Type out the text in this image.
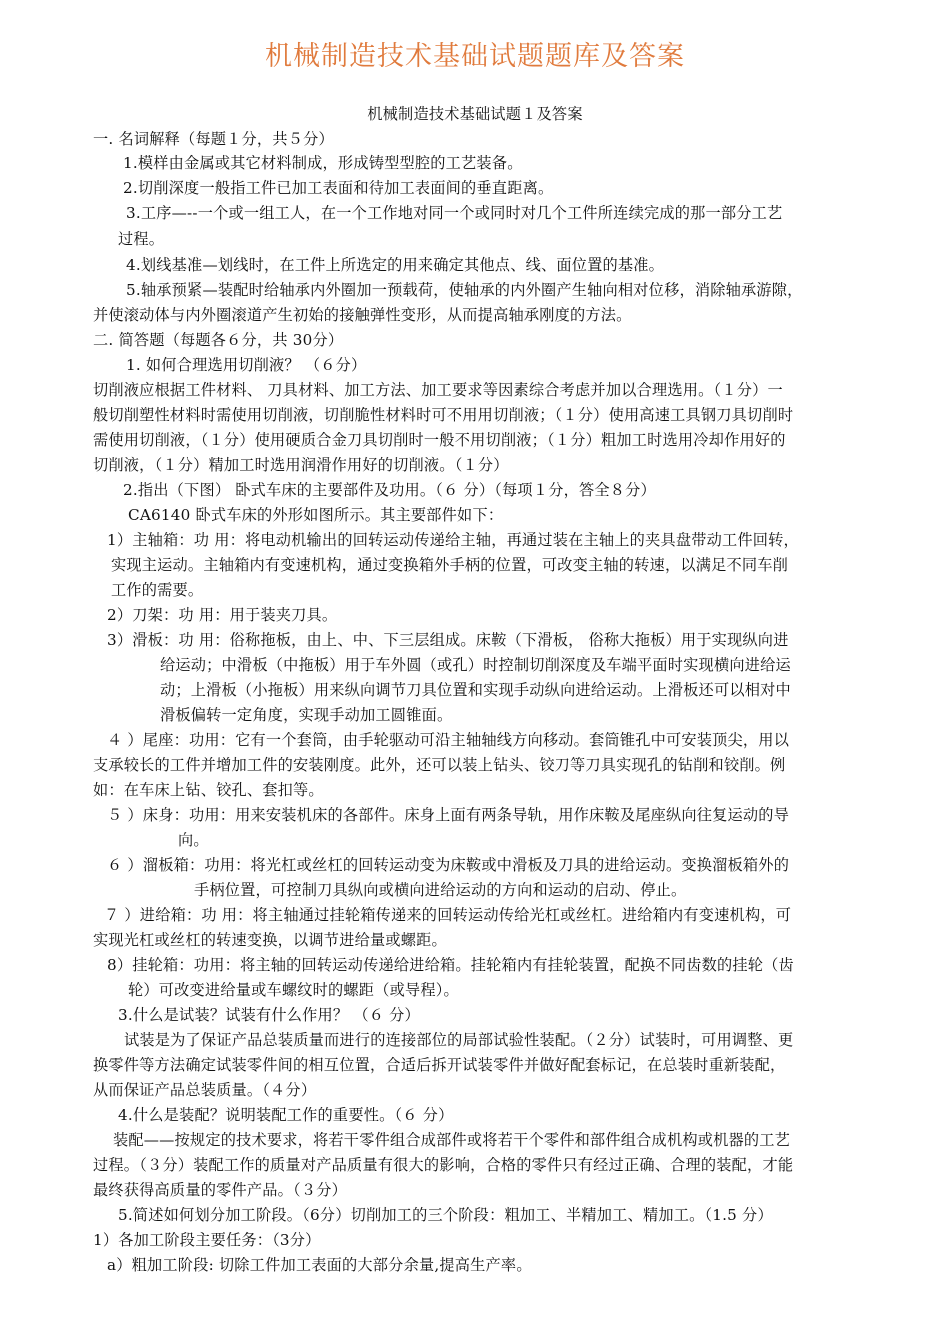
机械制造技术基础试题题库及答案
机械制造技术基础试题１及答案
一. 名词解释（每题１分，共５分）
1.模样由金属或其它材料制成，形成铸型型腔的工艺装备。
2.切削深度一般指工件已加工表面和待加工表面间的垂直距离。
3.工序—--一个或一组工人，在一个工作地对同一个或同时对几个工件所连续完成的那一部分工艺
过程。
4.划线基准—划线时，在工件上所选定的用来确定其他点、线、面位置的基准。
5.轴承预紧—装配时给轴承内外圈加一预载荷，使轴承的内外圈产生轴向相对位移，消除轴承游隙，
并使滚动体与内外圈滚道产生初始的接触弹性变形，从而提高轴承刚度的方法。
二. 简答题（每题各６分，共 30分）
1. 如何合理选用切削液？ （６分）
切削液应根据工件材料、 刀具材料、加工方法、加工要求等因素综合考虑并加以合理选用。（１分）一
般切削塑性材料时需使用切削液，切削脆性材料时可不用用切削液；（１分）使用高速工具钢刀具切削时
需使用切削液，（１分）使用硬质合金刀具切削时一般不用切削液；（１分）粗加工时选用冷却作用好的
切削液，（１分）精加工时选用润滑作用好的切削液。（１分）
2.指出（下图） 卧式车床的主要部件及功用。（６ 分）（每项１分，答全８分）
CA6140 卧式车床的外形如图所示。其主要部件如下：
1）主轴箱：功 用：将电动机输出的回转运动传递给主轴，再通过装在主轴上的夹具盘带动工件回转，
实现主运动。主轴箱内有变速机构，通过变换箱外手柄的位置，可改变主轴的转速，以满足不同车削
工作的需要。
2）刀架：功 用：用于装夹刀具。
3）滑板：功 用：俗称拖板，由上、中、下三层组成。床鞍（下滑板， 俗称大拖板）用于实现纵向进
给运动；中滑板（中拖板）用于车外圆（或孔）时控制切削深度及车端平面时实现横向进给运
动；上滑板（小拖板）用来纵向调节刀具位置和实现手动纵向进给运动。上滑板还可以相对中
滑板偏转一定角度，实现手动加工圆锥面。
４ ）尾座：功用：它有一个套筒，由手轮驱动可沿主轴轴线方向移动。套筒锥孔中可安装顶尖，用以
支承较长的工件并增加工件的安装刚度。此外，还可以装上钻头、铰刀等刀具实现孔的钻削和铰削。例
如：在车床上钻、铰孔、套扣等。
５ ）床身：功用：用来安装机床的各部件。床身上面有两条导轨，用作床鞍及尾座纵向往复运动的导
向。
６ ）溜板箱：功用：将光杠或丝杠的回转运动变为床鞍或中滑板及刀具的进给运动。变换溜板箱外的
手柄位置，可控制刀具纵向或横向进给运动的方向和运动的启动、停止。
７ ）进给箱：功 用：将主轴通过挂轮箱传递来的回转运动传给光杠或丝杠。进给箱内有变速机构，可
实现光杠或丝杠的转速变换，以调节进给量或螺距。
8）挂轮箱：功用：将主轴的回转运动传递给进给箱。挂轮箱内有挂轮装置，配换不同齿数的挂轮（齿
轮）可改变进给量或车螺纹时的螺距（或导程）。
3.什么是试装？试装有什么作用？ （６ 分）
试装是为了保证产品总装质量而进行的连接部位的局部试验性装配。（２分）试装时，可用调整、更
换零件等方法确定试装零件间的相互位置，合适后拆开试装零件并做好配套标记，在总装时重新装配，
从而保证产品总装质量。（４分）
4.什么是装配？说明装配工作的重要性。（６ 分）
装配——按规定的技术要求，将若干零件组合成部件或将若干个零件和部件组合成机构或机器的工艺
过程。（３分）装配工作的质量对产品质量有很大的影响，合格的零件只有经过正确、合理的装配，才能
最终获得高质量的零件产品。（３分）
5.简述如何划分加工阶段。（6分）切削加工的三个阶段：粗加工、半精加工、精加工。（1.5 分）
1）各加工阶段主要任务：（3分）
a）粗加工阶段: 切除工件加工表面的大部分余量,提高生产率。
